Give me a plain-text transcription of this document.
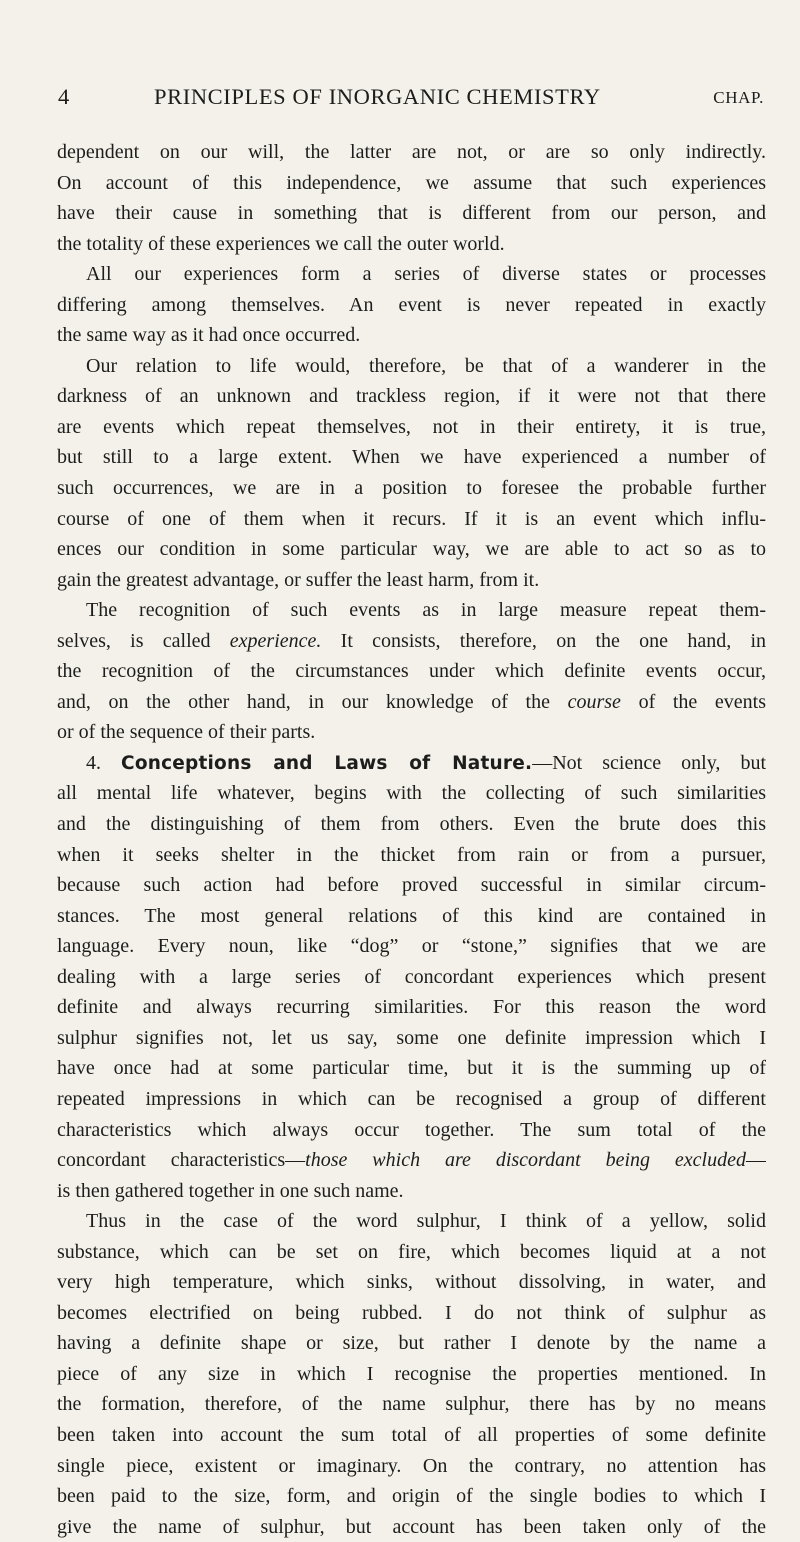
4	PRINCIPLES OF INORGANIC CHEMISTRY	CHAP.

dependent on our will, the latter are not, or are so only indirectly.

On account of this independence, we assume that such experiences

have their cause in something that is different from our person, and

the totality of these experiences we call the outer world.

All our experiences form a series of diverse states or processes

differing among themselves. An event is never repeated in exactly

the same way as it had once occurred.

Our relation to life would, therefore, be that of a wanderer in the

darkness of an unknown and trackless region, if it were not that there

are events which repeat themselves, not in their entirety, it is true,

but still to a large extent. When we have experienced a number of

such occurrences, we are in a position to foresee the probable further

course of one of them when it recurs. If it is an event which influ-

ences our condition in some particular way, we are able to act so as to

gain the greatest advantage, or suffer the least harm, from it.

The recognition of such events as in large measure repeat them-

selves, is called experience. It consists, therefore, on the one hand, in

the recognition of the circumstances under which definite events occur,

and, on the other hand, in our knowledge of the course of the events

or of the sequence of their parts.

4. Conceptions and Laws of Nature.—Not science only, but

all mental life whatever, begins with the collecting of such similarities

and the distinguishing of them from others. Even the brute does this

when it seeks shelter in the thicket from rain or from a pursuer,

because such action had before proved successful in similar circum-

stances. The most general relations of this kind are contained in

language. Every noun, like “dog” or “stone,” signifies that we are

dealing with a large series of concordant experiences which present

definite and always recurring similarities. For this reason the word

sulphur signifies not, let us say, some one definite impression which I

have once had at some particular time, but it is the summing up of

repeated impressions in which can be recognised a group of different

characteristics which always occur together. The sum total of the

concordant characteristics—those which are discordant being excluded—

is then gathered together in one such name.

Thus in the case of the word sulphur, I think of a yellow, solid

substance, which can be set on fire, which becomes liquid at a not

very high temperature, which sinks, without dissolving, in water, and

becomes electrified on being rubbed. I do not think of sulphur as

having a definite shape or size, but rather I denote by the name a

piece of any size in which I recognise the properties mentioned. In

the formation, therefore, of the name sulphur, there has by no means

been taken into account the sum total of all properties of some definite

single piece, existent or imaginary. On the contrary, no attention has

been paid to the size, form, and origin of the single bodies to which I

give the name of sulphur, but account has been taken only of the
